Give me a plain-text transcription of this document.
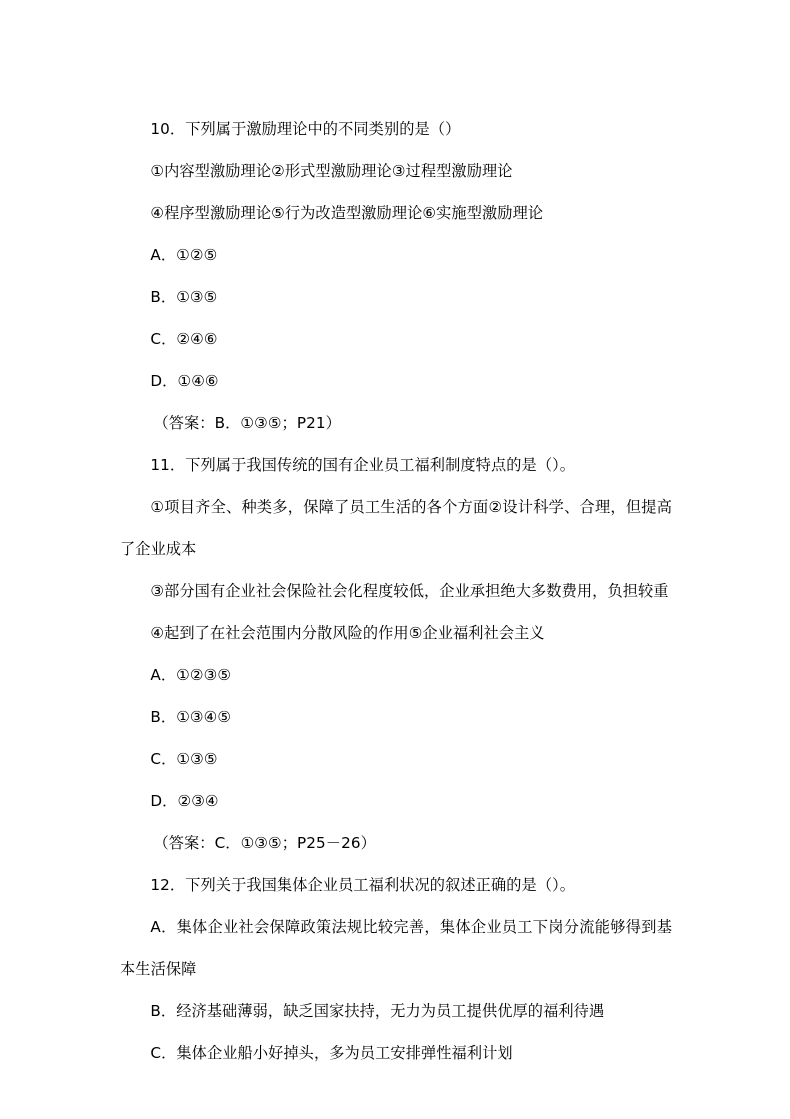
10．下列属于激励理论中的不同类别的是（）

①内容型激励理论②形式型激励理论③过程型激励理论

④程序型激励理论⑤行为改造型激励理论⑥实施型激励理论

A．①②⑤

B．①③⑤

C．②④⑥

D．①④⑥

（答案：B．①③⑤；P21）

11．下列属于我国传统的国有企业员工福利制度特点的是（）。

①项目齐全、种类多，保障了员工生活的各个方面②设计科学、合理，但提高了企业成本

③部分国有企业社会保险社会化程度较低，企业承担绝大多数费用，负担较重

④起到了在社会范围内分散风险的作用⑤企业福利社会主义

A．①②③⑤

B．①③④⑤

C．①③⑤

D．②③④

（答案：C．①③⑤；P25－26）

12．下列关于我国集体企业员工福利状况的叙述正确的是（）。

A．集体企业社会保障政策法规比较完善，集体企业员工下岗分流能够得到基本生活保障

B．经济基础薄弱，缺乏国家扶持，无力为员工提供优厚的福利待遇

C．集体企业船小好掉头，多为员工安排弹性福利计划
